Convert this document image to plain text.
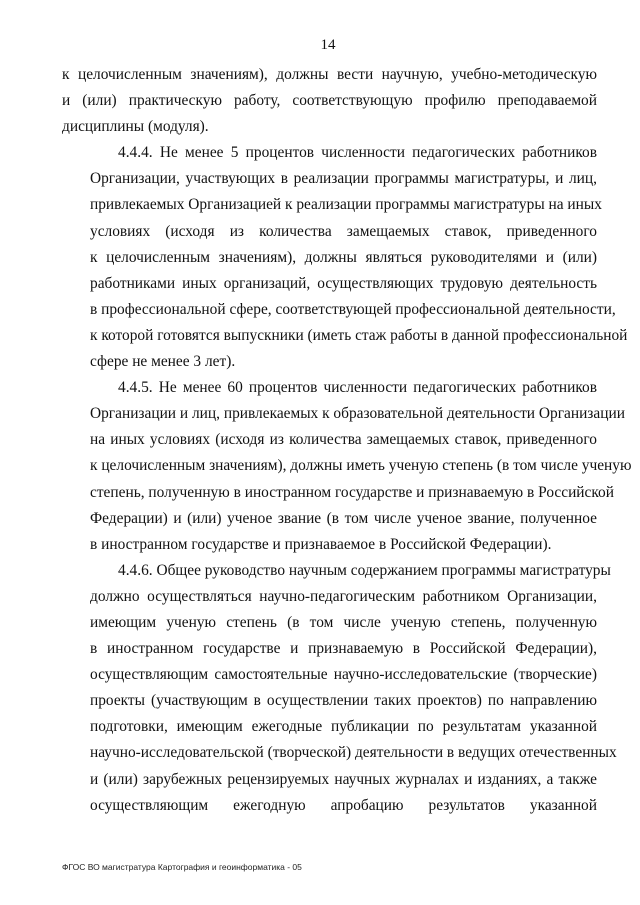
14
к целочисленным значениям), должны вести научную, учебно-методическую
и (или) практическую работу, соответствующую профилю преподаваемой
дисциплины (модуля).
4.4.4. Не менее 5 процентов численности педагогических работников
Организации, участвующих в реализации программы магистратуры, и лиц,
привлекаемых Организацией к реализации программы магистратуры на иных
условиях (исходя из количества замещаемых ставок, приведенного
к целочисленным значениям), должны являться руководителями и (или)
работниками иных организаций, осуществляющих трудовую деятельность
в профессиональной сфере, соответствующей профессиональной деятельности,
к которой готовятся выпускники (иметь стаж работы в данной профессиональной
сфере не менее 3 лет).
4.4.5. Не менее 60 процентов численности педагогических работников
Организации и лиц, привлекаемых к образовательной деятельности Организации
на иных условиях (исходя из количества замещаемых ставок, приведенного
к целочисленным значениям), должны иметь ученую степень (в том числе ученую
степень, полученную в иностранном государстве и признаваемую в Российской
Федерации) и (или) ученое звание (в том числе ученое звание, полученное
в иностранном государстве и признаваемое в Российской Федерации).
4.4.6. Общее руководство научным содержанием программы магистратуры
должно осуществляться научно-педагогическим работником Организации,
имеющим ученую степень (в том числе ученую степень, полученную
в иностранном государстве и признаваемую в Российской Федерации),
осуществляющим самостоятельные научно-исследовательские (творческие)
проекты (участвующим в осуществлении таких проектов) по направлению
подготовки, имеющим ежегодные публикации по результатам указанной
научно-исследовательской (творческой) деятельности в ведущих отечественных
и (или) зарубежных рецензируемых научных журналах и изданиях, а также
осуществляющим ежегодную апробацию результатов указанной
ФГОС ВО магистратура Картография и геоинформатика - 05
